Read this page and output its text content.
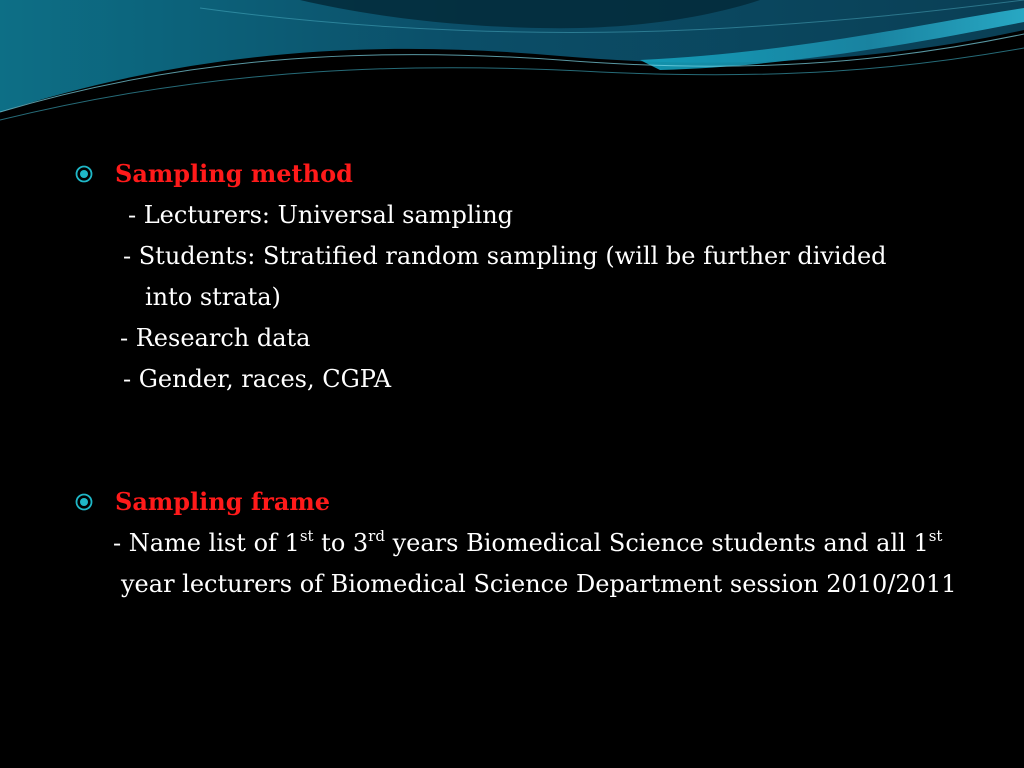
Sampling method
- Lecturers: Universal sampling
- Students: Stratified random sampling (will be further divided
into strata)
- Research data
- Gender, races, CGPA
Sampling frame
- Name list of 1st to 3rd years Biomedical Science students and all 1st
year lecturers of Biomedical Science Department session 2010/2011
